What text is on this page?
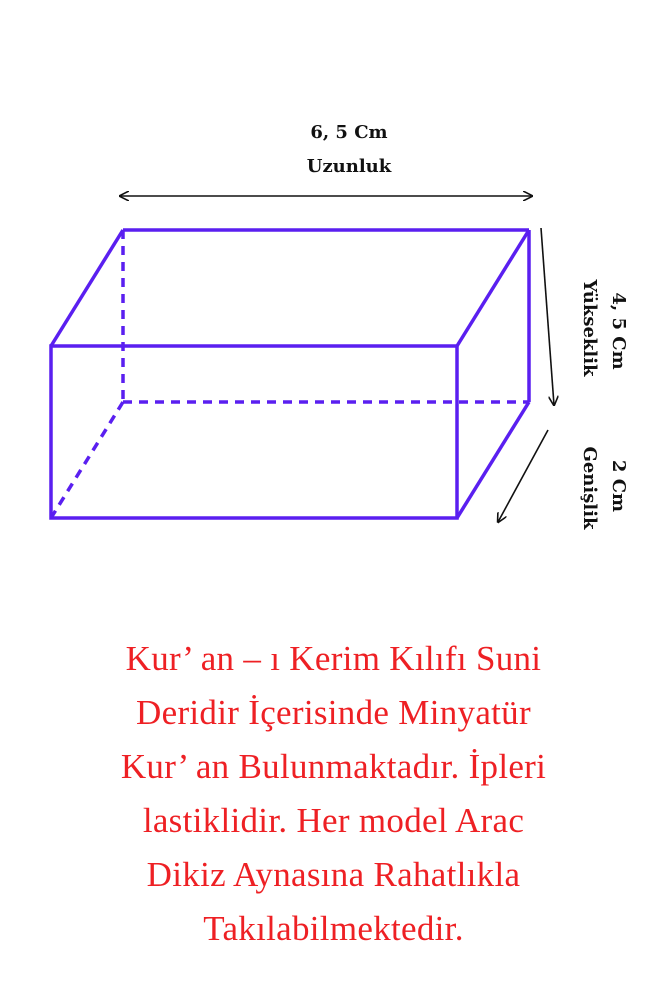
6, 5 Cm
Uzunluk
4, 5 Cm
Yükseklik
2 Cm
Genişlik

Kur’ an – ı Kerim Kılıfı Suni
Deridir İçerisinde Minyatür
Kur’ an Bulunmaktadır. İpleri
lastiklidir. Her model Arac
Dikiz Aynasına Rahatlıkla
Takılabilmektedir.
